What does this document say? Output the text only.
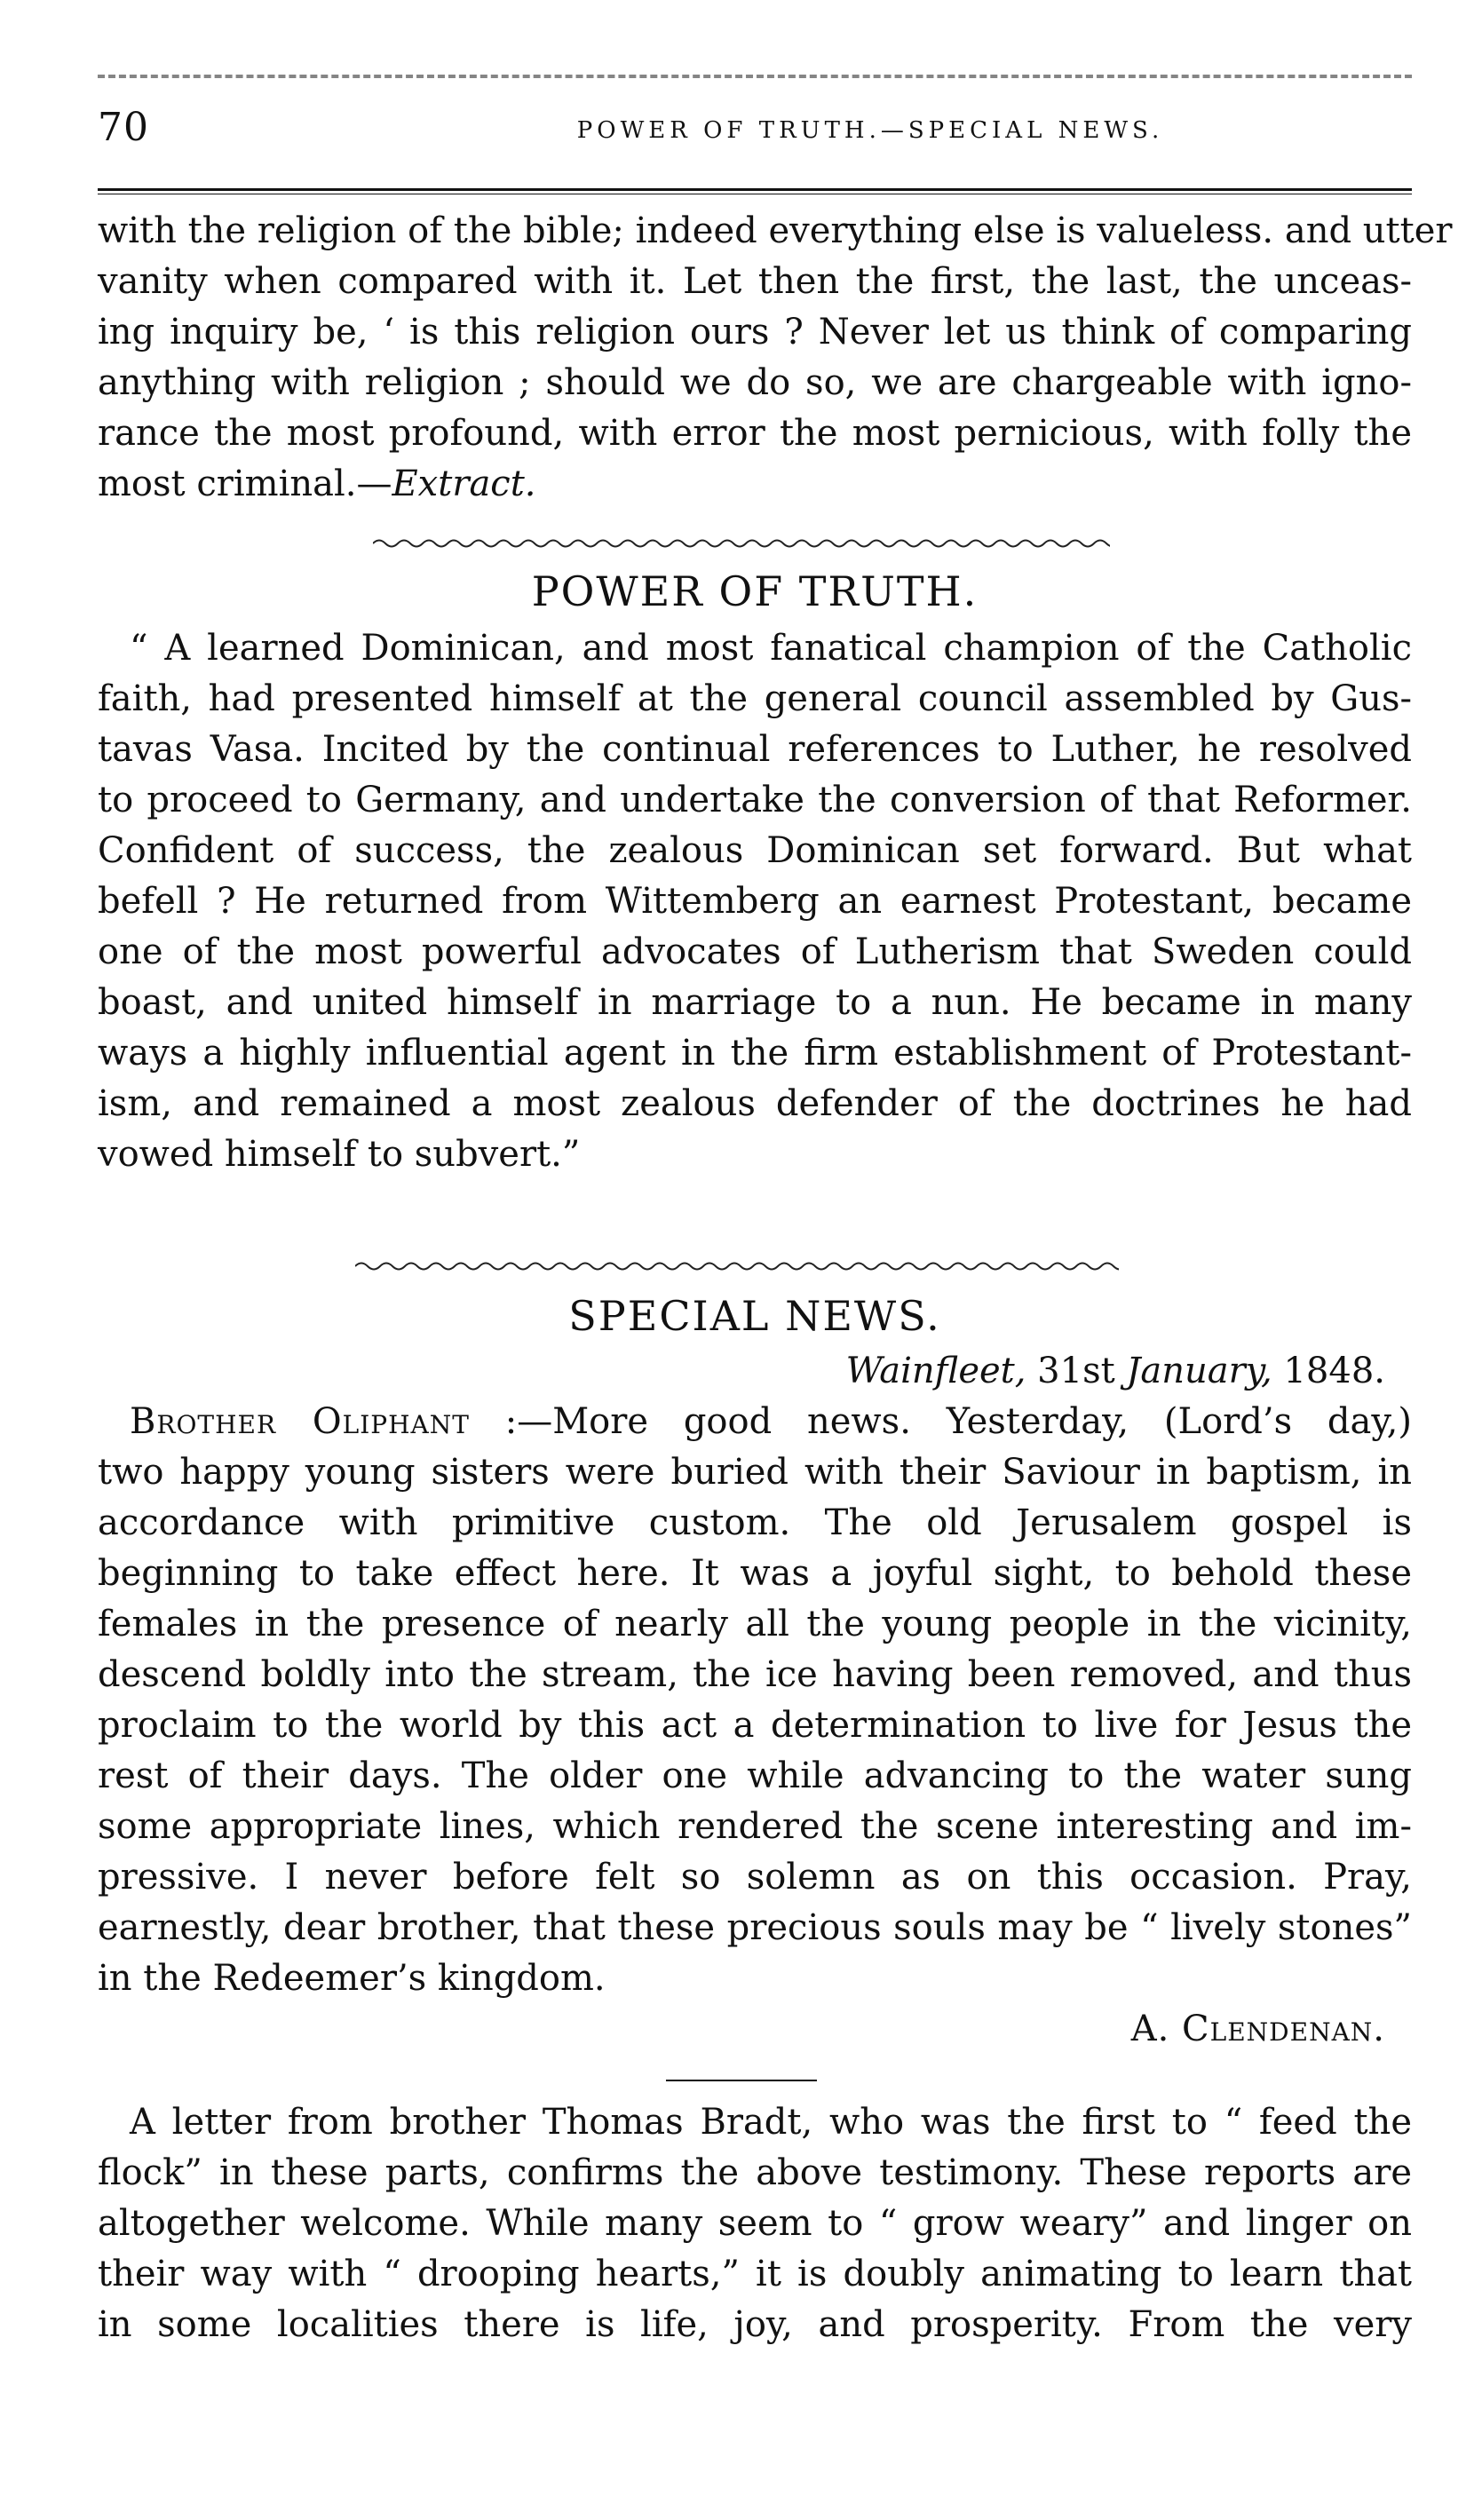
70	POWER OF TRUTH.—SPECIAL NEWS.
with the religion of the bible; indeed everything else is valueless. and utter
vanity when compared with it. Let then the first, the last, the unceas-
ing inquiry be, ‘ is this religion ours ? Never let us think of comparing
anything with religion ; should we do so, we are chargeable with igno-
rance the most profound, with error the most pernicious, with folly the
most criminal.—Extract.
POWER OF TRUTH.
“ A learned Dominican, and most fanatical champion of the Catholic
faith, had presented himself at the general council assembled by Gus-
tavas Vasa. Incited by the continual references to Luther, he resolved
to proceed to Germany, and undertake the conversion of that Reformer.
Confident of success, the zealous Dominican set forward. But what
befell ? He returned from Wittemberg an earnest Protestant, became
one of the most powerful advocates of Lutherism that Sweden could
boast, and united himself in marriage to a nun. He became in many
ways a highly influential agent in the firm establishment of Protestant-
ism, and remained a most zealous defender of the doctrines he had
vowed himself to subvert.”
SPECIAL NEWS.
Wainfleet, 31st January, 1848.
Brother Oliphant :—More good news. Yesterday, (Lord’s day,)
two happy young sisters were buried with their Saviour in baptism, in
accordance with primitive custom. The old Jerusalem gospel is
beginning to take effect here. It was a joyful sight, to behold these
females in the presence of nearly all the young people in the vicinity,
descend boldly into the stream, the ice having been removed, and thus
proclaim to the world by this act a determination to live for Jesus the
rest of their days. The older one while advancing to the water sung
some appropriate lines, which rendered the scene interesting and im-
pressive. I never before felt so solemn as on this occasion. Pray,
earnestly, dear brother, that these precious souls may be “ lively stones”
in the Redeemer’s kingdom.
A. Clendenan.
A letter from brother Thomas Bradt, who was the first to “ feed the
flock” in these parts, confirms the above testimony. These reports are
altogether welcome. While many seem to “ grow weary” and linger on
their way with “ drooping hearts,” it is doubly animating to learn that
in some localities there is life, joy, and prosperity. From the very
